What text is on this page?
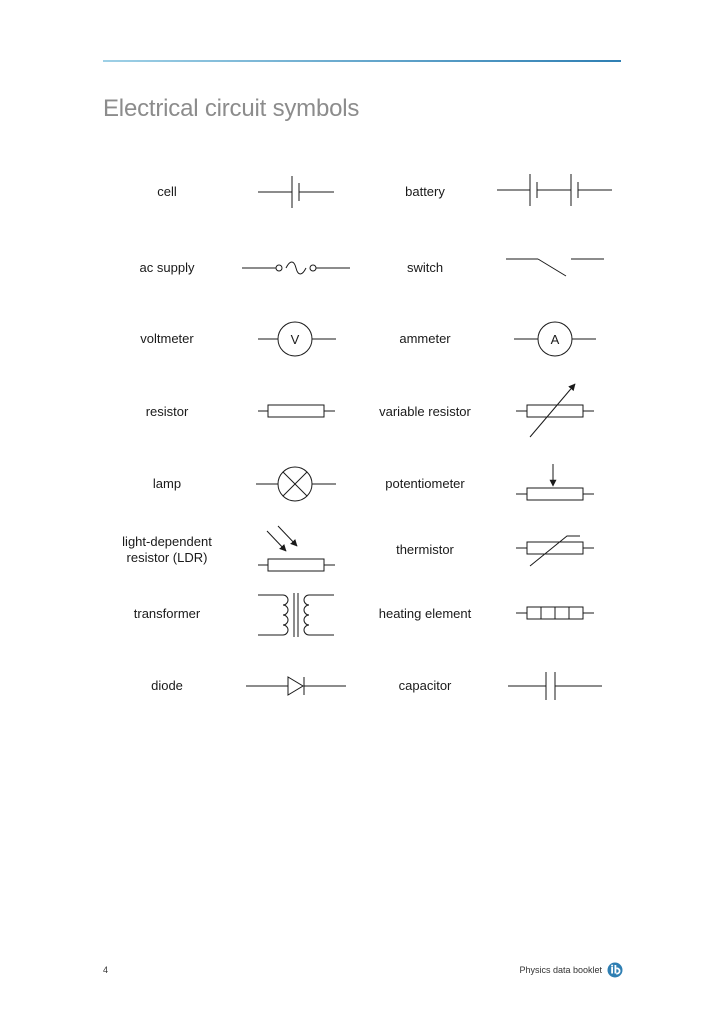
Electrical circuit symbols
cell
ac supply
voltmeter
resistor
lamp
light-dependent
resistor (LDR)
transformer
diode
battery
switch
ammeter
variable resistor
potentiometer
thermistor
heating element
capacitor
V	A
4	Physics data booklet
